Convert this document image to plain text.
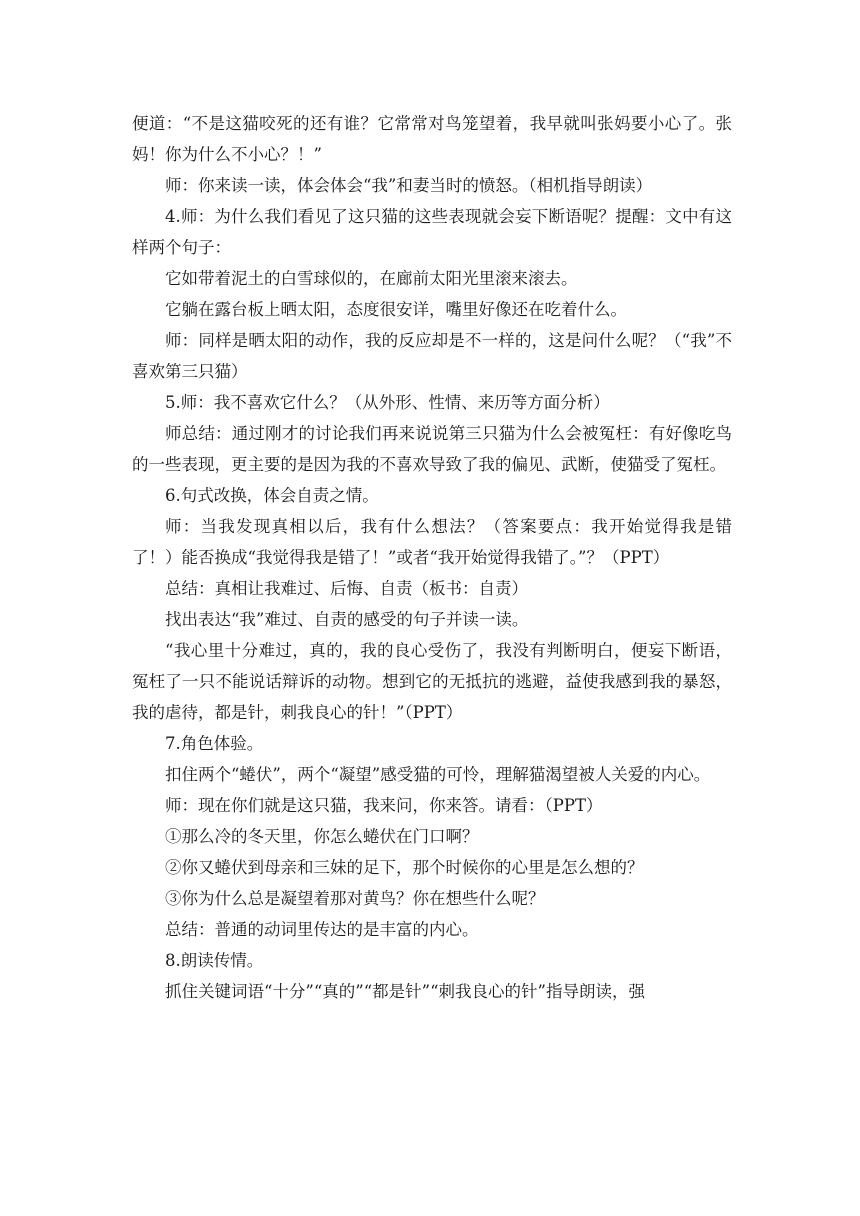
便道：“不是这猫咬死的还有谁？它常常对鸟笼望着，我早就叫张妈要小心了。张妈！你为什么不小心？！”

师：你来读一读，体会体会“我”和妻当时的愤怒。（相机指导朗读）

4.师：为什么我们看见了这只猫的这些表现就会妄下断语呢？提醒：文中有这样两个句子：

它如带着泥土的白雪球似的，在廊前太阳光里滚来滚去。

它躺在露台板上晒太阳，态度很安详，嘴里好像还在吃着什么。

师：同样是晒太阳的动作，我的反应却是不一样的，这是问什么呢？（“我”不喜欢第三只猫）

5.师：我不喜欢它什么？（从外形、性情、来历等方面分析）

师总结：通过刚才的讨论我们再来说说第三只猫为什么会被冤枉：有好像吃鸟的一些表现，更主要的是因为我的不喜欢导致了我的偏见、武断，使猫受了冤枉。

6.句式改换，体会自责之情。

师：当我发现真相以后，我有什么想法？（答案要点：我开始觉得我是错了！）能否换成“我觉得我是错了！”或者“我开始觉得我错了。”？（PPT）

总结：真相让我难过、后悔、自责（板书：自责）

找出表达“我”难过、自责的感受的句子并读一读。

“我心里十分难过，真的，我的良心受伤了，我没有判断明白，便妄下断语，冤枉了一只不能说话辩诉的动物。想到它的无抵抗的逃避，益使我感到我的暴怒，我的虐待，都是针，刺我良心的针！”（PPT）

7.角色体验。

扣住两个“蜷伏”，两个“凝望”感受猫的可怜，理解猫渴望被人关爱的内心。

师：现在你们就是这只猫，我来问，你来答。请看：（PPT）

①那么冷的冬天里，你怎么蜷伏在门口啊？

②你又蜷伏到母亲和三妹的足下，那个时候你的心里是怎么想的？

③你为什么总是凝望着那对黄鸟？你在想些什么呢？

总结：普通的动词里传达的是丰富的内心。

8.朗读传情。

抓住关键词语“十分”“真的”“都是针”“刺我良心的针”指导朗读，强
